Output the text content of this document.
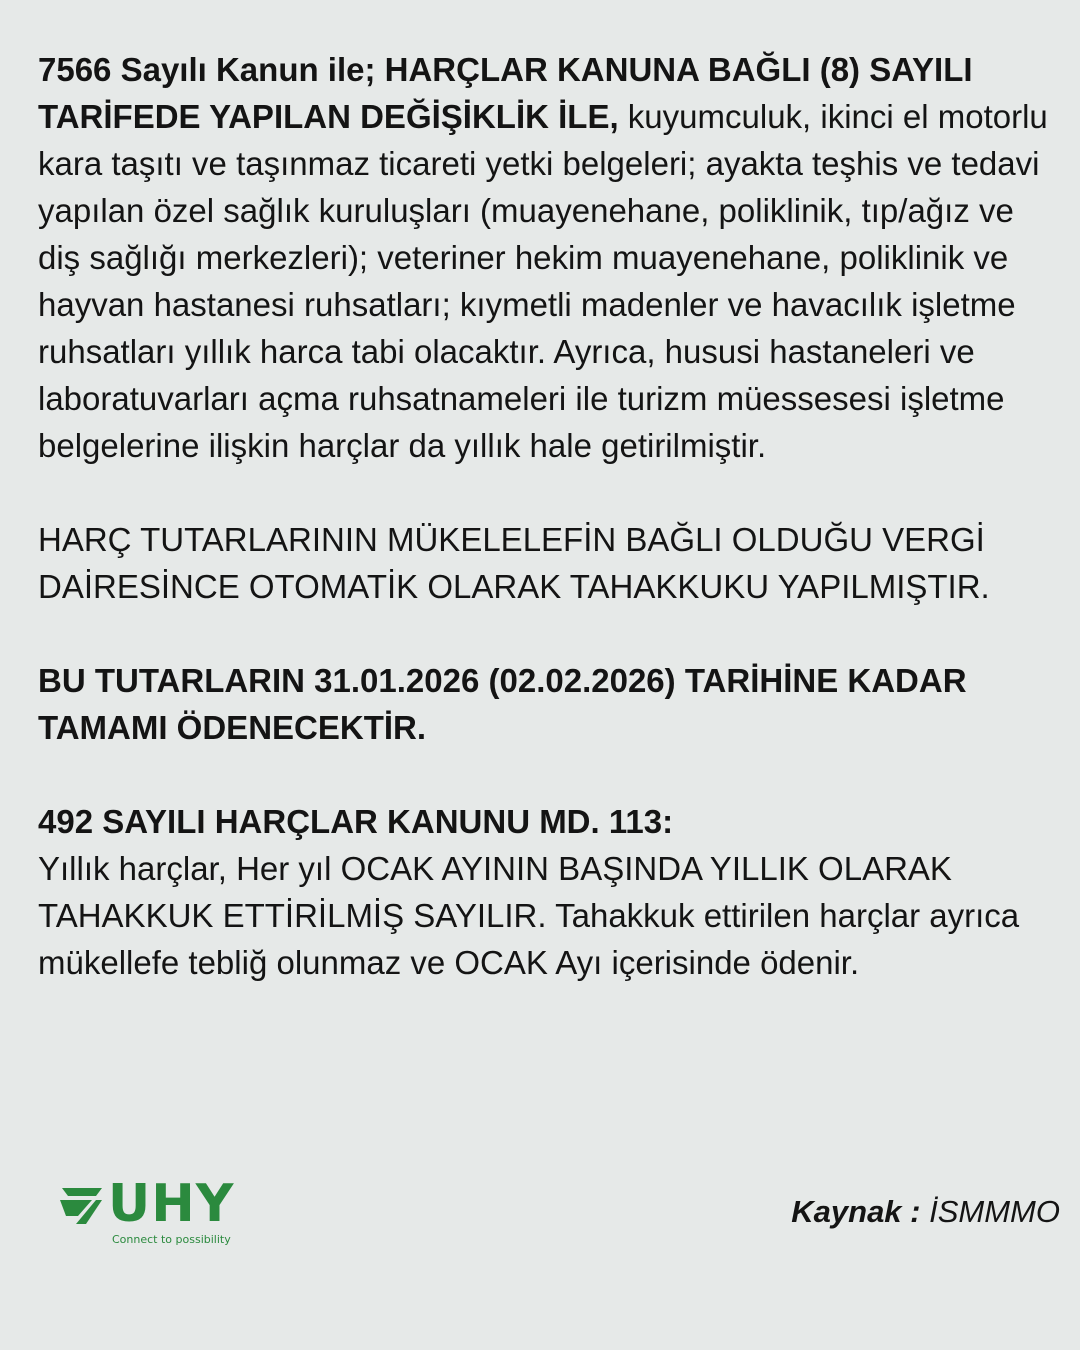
7566 Sayılı Kanun ile; HARÇLAR KANUNA BAĞLI (8) SAYILI TARİFEDE YAPILAN DEĞİŞİKLİK İLE, kuyumculuk, ikinci el motorlu kara taşıtı ve taşınmaz ticareti yetki belgeleri; ayakta teşhis ve tedavi yapılan özel sağlık kuruluşları (muayenehane, poliklinik, tıp/ağız ve diş sağlığı merkezleri); veteriner hekim muayenehane, poliklinik ve hayvan hastanesi ruhsatları; kıymetli madenler ve havacılık işletme ruhsatları yıllık harca tabi olacaktır. Ayrıca, hususi hastaneleri ve laboratuvarları açma ruhsatnameleri ile turizm müessesesi işletme belgelerine ilişkin harçlar da yıllık hale getirilmiştir.

HARÇ TUTARLARININ MÜKELELEFİN BAĞLI OLDUĞU VERGİ DAİRESİNCE OTOMATİK OLARAK TAHAKKUKU YAPILMIŞTIR.

BU TUTARLARIN 31.01.2026 (02.02.2026) TARİHİNE KADAR TAMAMI ÖDENECEKTİR.

492 SAYILI HARÇLAR KANUNU MD. 113:
Yıllık harçlar, Her yıl OCAK AYININ BAŞINDA YILLIK OLARAK TAHAKKUK ETTİRİLMİŞ SAYILIR. Tahakkuk ettirilen harçlar ayrıca mükellefe tebliğ olunmaz ve OCAK Ayı içerisinde ödenir.

UHY
Connect to possibility
Kaynak : İSMMMO
